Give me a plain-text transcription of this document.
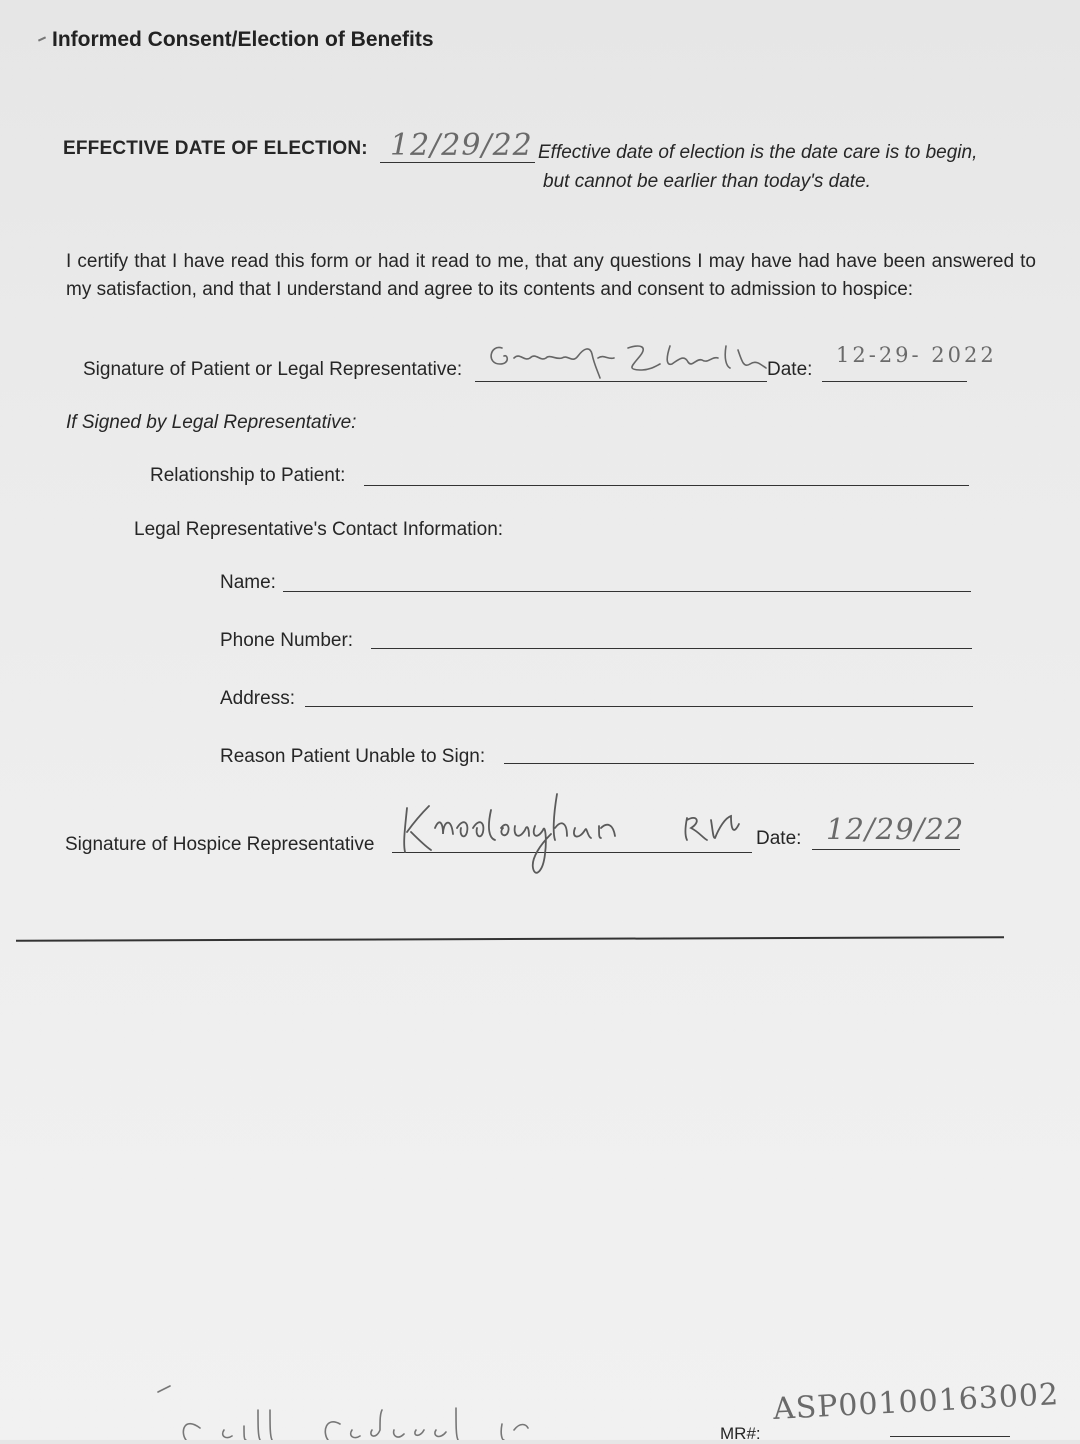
Informed Consent/Election of Benefits
EFFECTIVE DATE OF ELECTION: 12/29/22 Effective date of election is the date care is to begin,
but cannot be earlier than today's date.
I certify that I have read this form or had it read to me, that any questions I may have had have been answered to my satisfaction, and that I understand and agree to its contents and consent to admission to hospice:
Signature of Patient or Legal Representative:	Date:
12-29- 2022
If Signed by Legal Representative:
Relationship to Patient:
Legal Representative's Contact Information:
Name:
Phone Number:
Address:
Reason Patient Unable to Sign:
Signature of Hospice Representative	Date: 12/29/22
MR#:
ASP00100163002
